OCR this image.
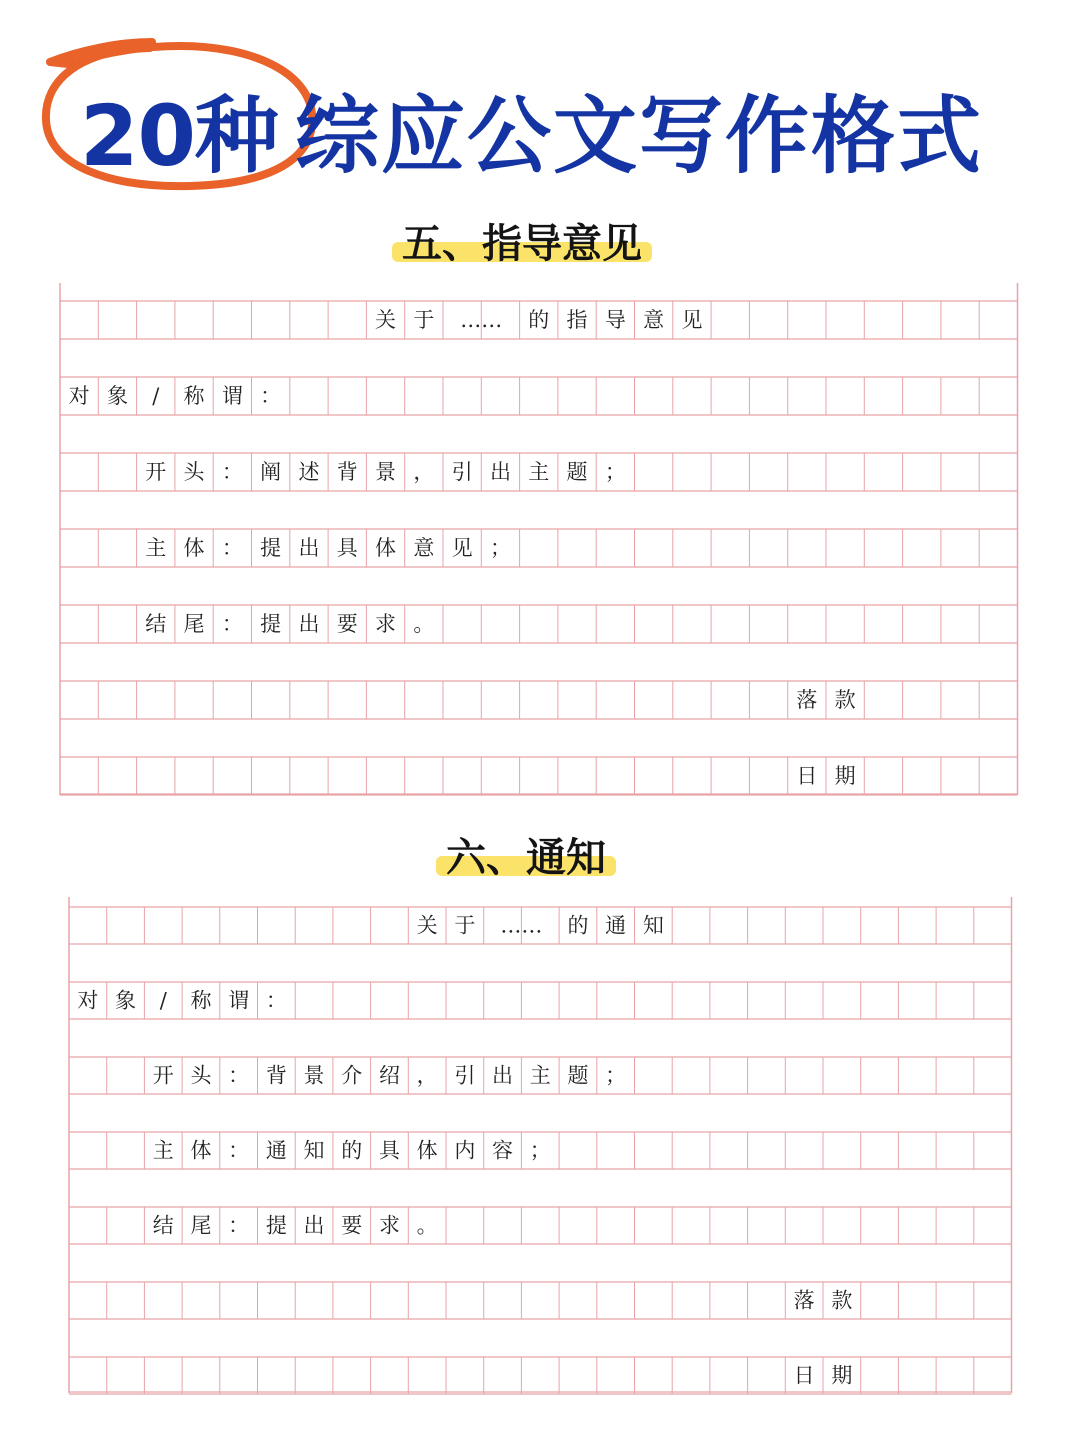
20种 综应公文写作格式
五、指导意见
关 于 …… 的 指 导 意 见
对 象 / 称 谓 ：
开 头 ： 阐 述 背 景 ， 引 出 主 题 ；
主 体 ： 提 出 具 体 意 见 ；
结 尾 ： 提 出 要 求 。
落 款
日 期
六、通知
关 于 …… 的 通 知
对 象 / 称 谓 ：
开 头 ： 背 景 介 绍 ， 引 出 主 题 ；
主 体 ： 通 知 的 具 体 内 容 ；
结 尾 ： 提 出 要 求 。
落 款
日 期
